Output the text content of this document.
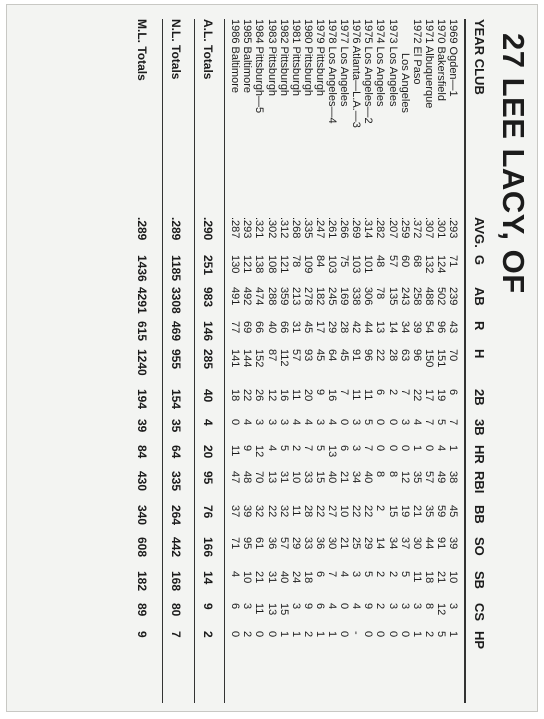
27 LEE LACY, OF
YEAR CLUB
AVG.
G
AB
R
H
2B
3B
HR
RBI
BB
SO
SB
CS
HP
1969 Ogden—1
.293
71
239
43
70
6
7
1
38
45
39
10
3
1
1970 Bakersfield
.301
124
502
96
151
19
5
4
49
59
91
21
12
5
1971 Albuquerque
.307
132
488
54
150
17
7
0
57
35
44
18
8
2
1972 El Paso
.372
68
258
39
96
22
4
1
35
21
30
11
3
1
Los Angeles
.259
60
243
34
63
7
3
0
12
19
37
5
3
0
1973 Los Angeles
.207
57
135
14
28
2
0
0
8
15
34
2
3
0
1974 Los Angeles
.282
48
78
13
22
6
0
0
8
2
14
2
2
0
1975 Los Angeles—2
.314
101
306
44
96
11
5
7
40
22
29
5
9
0
1976 Atlanta—L.A.—3
.269
103
338
42
91
11
3
3
34
22
25
3
4
-
1977 Los Angeles
.266
75
169
28
45
7
0
6
21
10
21
4
0
0
1978 Los Angeles—4
.261
103
245
29
64
16
4
13
40
27
30
7
4
1
1979 Pittsburgh
.247
84
182
17
45
9
3
5
15
22
36
6
6
1
1980 Pittsburgh
.335
109
278
45
93
20
4
7
33
28
33
18
9
2
1981 Pittsburgh
.268
78
213
31
57
11
4
2
10
11
29
24
3
1
1982 Pittsburgh
.312
121
359
66
112
16
3
5
31
32
57
40
15
1
1983 Pittsburgh
.302
108
288
40
87
12
3
4
13
22
36
31
13
0
1984 Pittsburgh—5
.321
138
474
66
152
26
3
12
70
32
61
21
11
0
1985 Baltimore
.293
121
492
69
144
22
4
9
48
39
95
10
3
2
1986 Baltimore
.287
130
491
77
141
18
0
11
47
37
71
4
6
0
A.L. Totals
.290
251
983
146
285
40
4
20
95
76
166
14
9
2
N.L. Totals
.289
1185
3308
469
955
154
35
64
335
264
442
168
80
7
M.L. Totals
.289
1436
4291
615
1240
194
39
84
430
340
608
182
89
9
